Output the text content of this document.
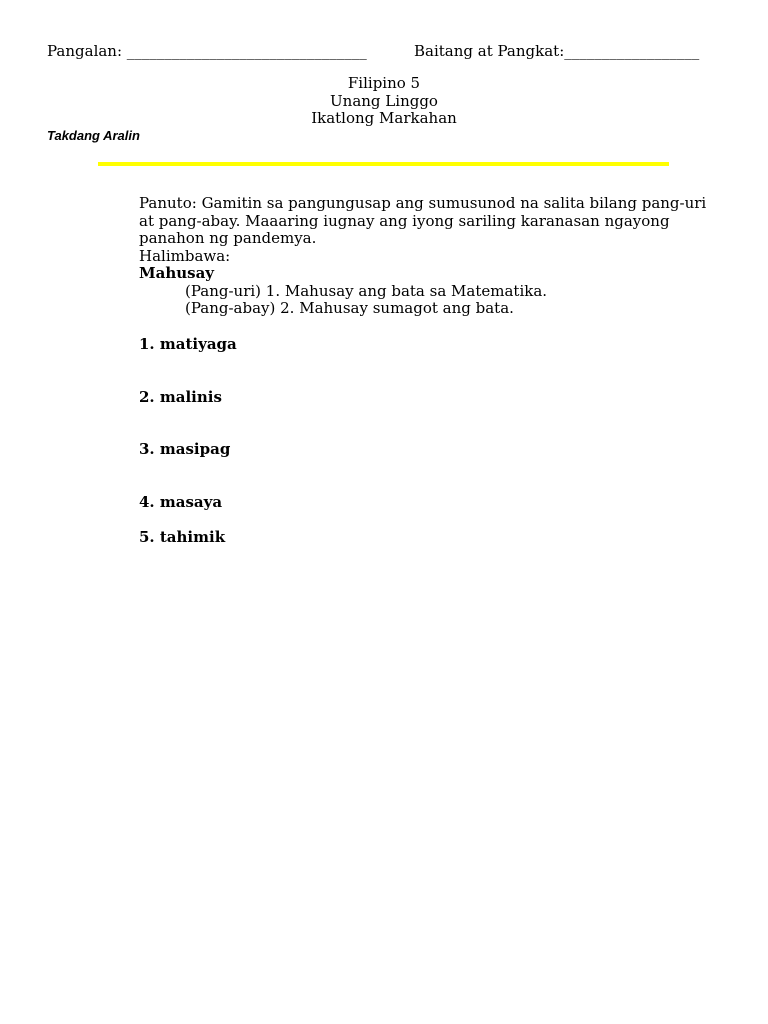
Pangalan: ________________________________	Baitang at Pangkat:__________________
Filipino 5
Unang Linggo
Ikatlong Markahan
Takdang Aralin
Panuto: Gamitin sa pangungusap ang sumusunod na salita bilang pang-uri
at pang-abay. Maaaring iugnay ang iyong sariling karanasan ngayong
panahon ng pandemya.
Halimbawa:
Mahusay
(Pang-uri) 1. Mahusay ang bata sa Matematika.
(Pang-abay) 2. Mahusay sumagot ang bata.
1. matiyaga
2. malinis
3. masipag
4. masaya
5. tahimik
